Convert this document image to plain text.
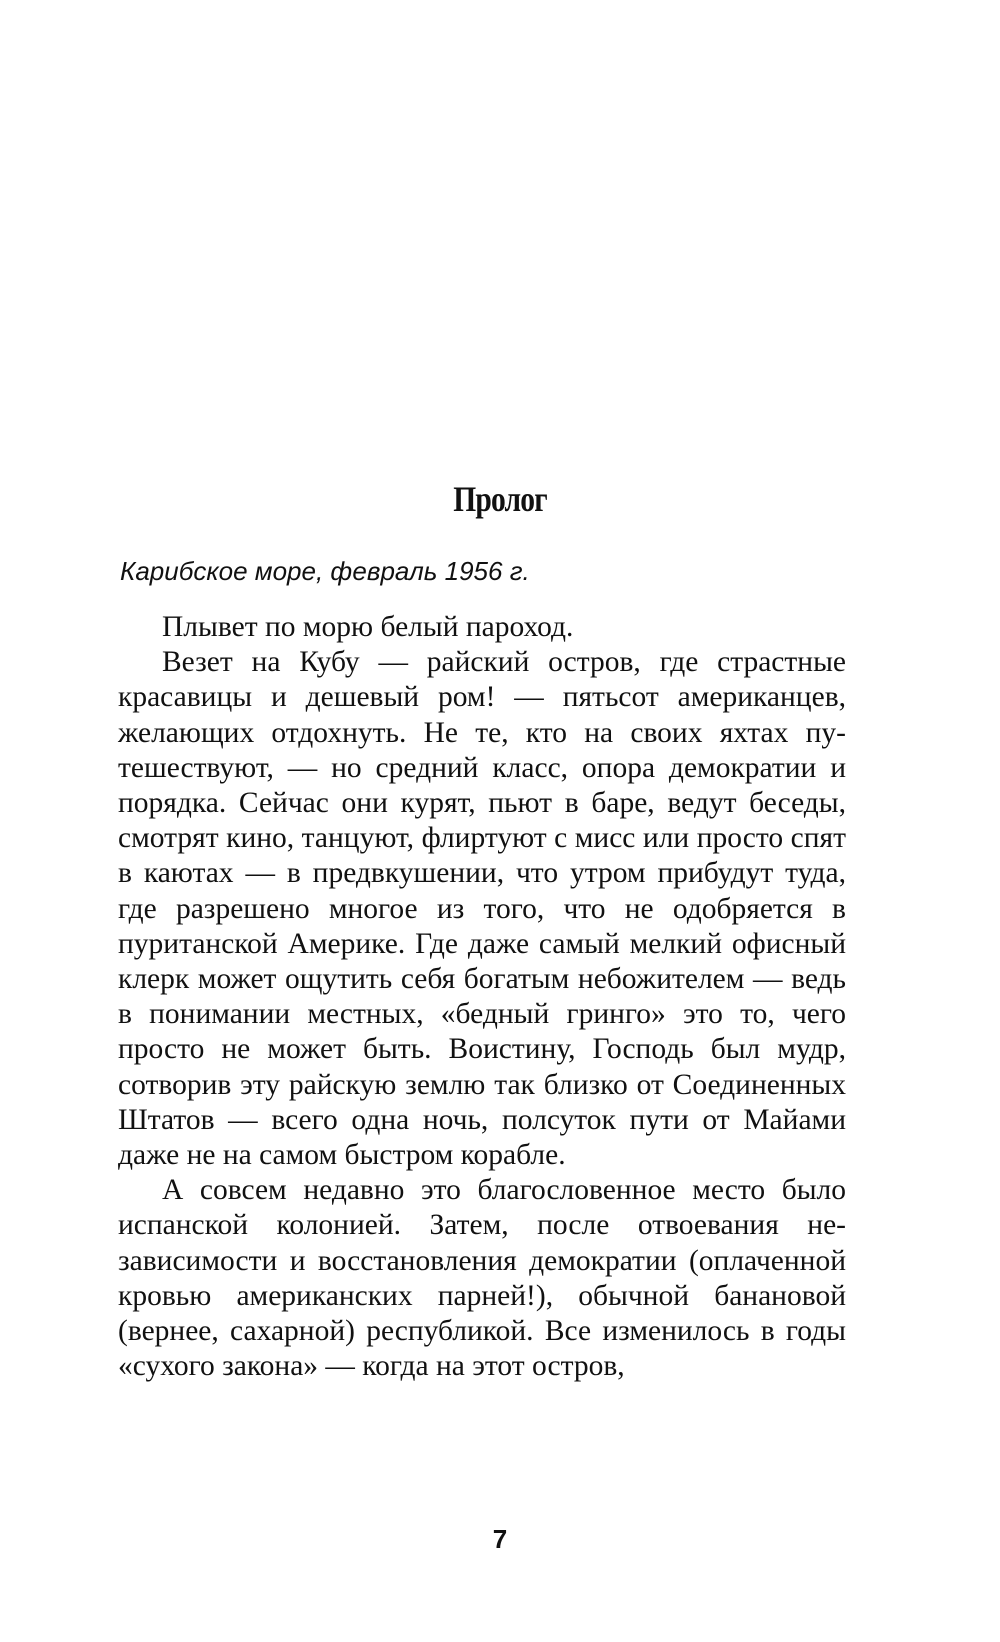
Пролог

Карибское море, февраль 1956 г.

Плывет по морю белый пароход.

Везет на Кубу — райский остров, где страстные красавицы и дешевый ром! — пятьсот американцев, желающих отдохнуть. Не те, кто на своих яхтах путешествуют, — но средний класс, опора демократии и порядка. Сейчас они курят, пьют в баре, ведут беседы, смотрят кино, танцуют, флиртуют с мисс или просто спят в каютах — в предвкушении, что утром прибудут туда, где разрешено многое из того, что не одобряется в пуританской Америке. Где даже самый мелкий офисный клерк может ощутить себя богатым небожителем — ведь в понимании местных, «бедный гринго» это то, чего просто не может быть. Воистину, Господь был мудр, сотворив эту райскую землю так близко от Соединенных Штатов — всего одна ночь, полсуток пути от Майами даже не на самом быстром корабле.

А совсем недавно это благословенное место было испанской колонией. Затем, после отвоевания независимости и восстановления демократии (оплаченной кровью американских парней!), обычной банановой (вернее, сахарной) республикой. Все изменилось в годы «сухого закона» — когда на этот остров,

7
